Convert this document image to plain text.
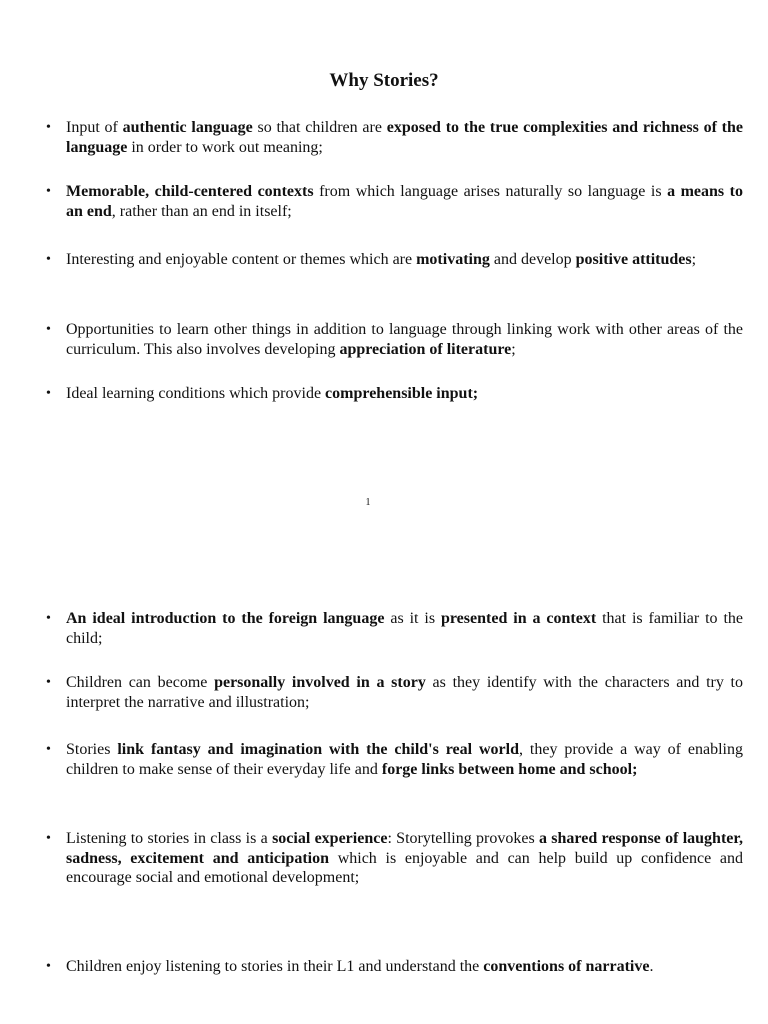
Why Stories?

• Input of authentic language so that children are exposed to the true complexities and richness of the language in order to work out meaning;

• Memorable, child-centered contexts from which language arises naturally so language is a means to an end, rather than an end in itself;

• Interesting and enjoyable content or themes which are motivating and develop positive attitudes;

• Opportunities to learn other things in addition to language through linking work with other areas of the curriculum. This also involves developing appreciation of literature;

• Ideal learning conditions which provide comprehensible input;

1

• An ideal introduction to the foreign language as it is presented in a context that is familiar to the child;

• Children can become personally involved in a story as they identify with the characters and try to interpret the narrative and illustration;

• Stories link fantasy and imagination with the child's real world, they provide a way of enabling children to make sense of their everyday life and forge links between home and school;

• Listening to stories in class is a social experience: Storytelling provokes a shared response of laughter, sadness, excitement and anticipation which is enjoyable and can help build up confidence and encourage social and emotional development;

• Children enjoy listening to stories in their L1 and understand the conventions of narrative.
